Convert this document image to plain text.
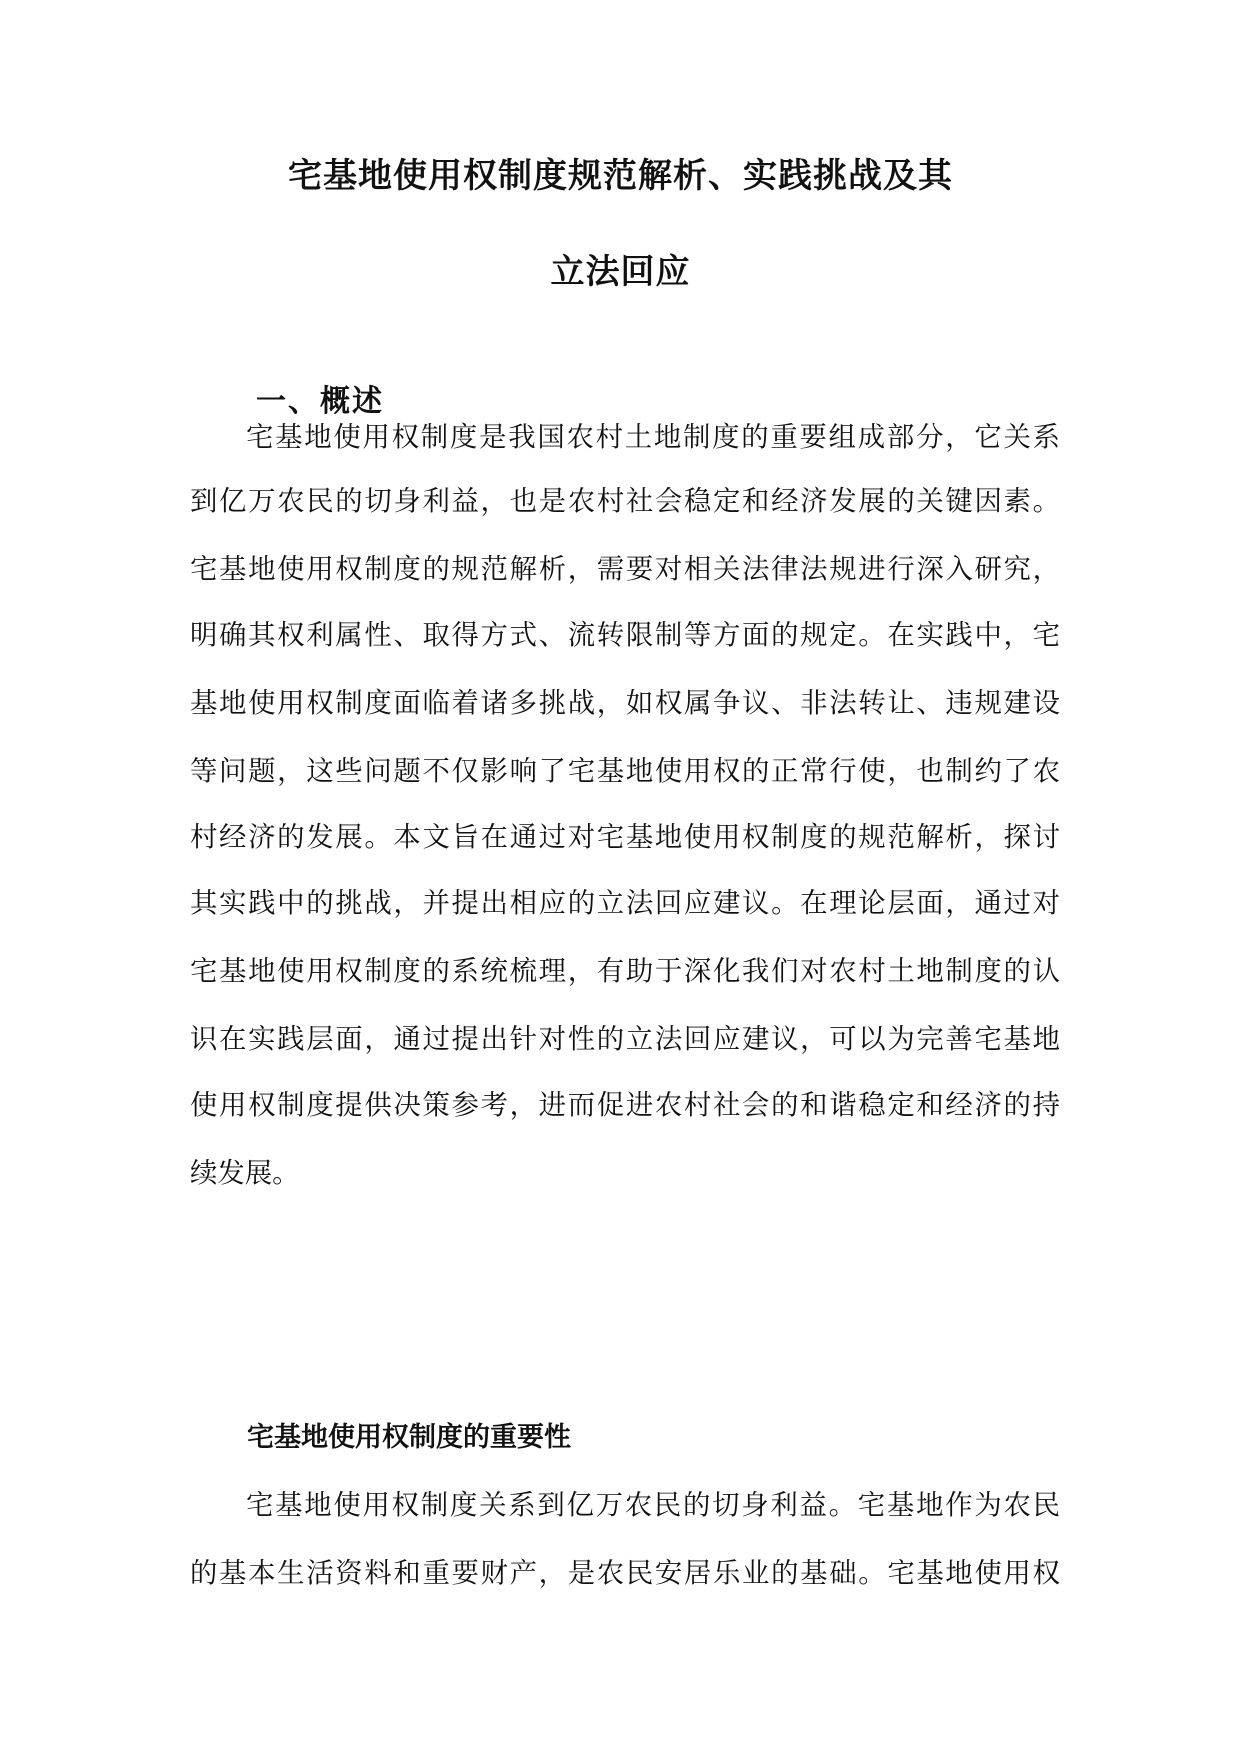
宅基地使用权制度规范解析、实践挑战及其
立法回应
一、概述
宅基地使用权制度是我国农村土地制度的重要组成部分，它关系
到亿万农民的切身利益，也是农村社会稳定和经济发展的关键因素。
宅基地使用权制度的规范解析，需要对相关法律法规进行深入研究，
明确其权利属性、取得方式、流转限制等方面的规定。在实践中，宅
基地使用权制度面临着诸多挑战，如权属争议、非法转让、违规建设
等问题，这些问题不仅影响了宅基地使用权的正常行使，也制约了农
村经济的发展。本文旨在通过对宅基地使用权制度的规范解析，探讨
其实践中的挑战，并提出相应的立法回应建议。在理论层面，通过对
宅基地使用权制度的系统梳理，有助于深化我们对农村土地制度的认
识在实践层面，通过提出针对性的立法回应建议，可以为完善宅基地
使用权制度提供决策参考，进而促进农村社会的和谐稳定和经济的持
续发展。
宅基地使用权制度的重要性
宅基地使用权制度关系到亿万农民的切身利益。宅基地作为农民
的基本生活资料和重要财产，是农民安居乐业的基础。宅基地使用权
